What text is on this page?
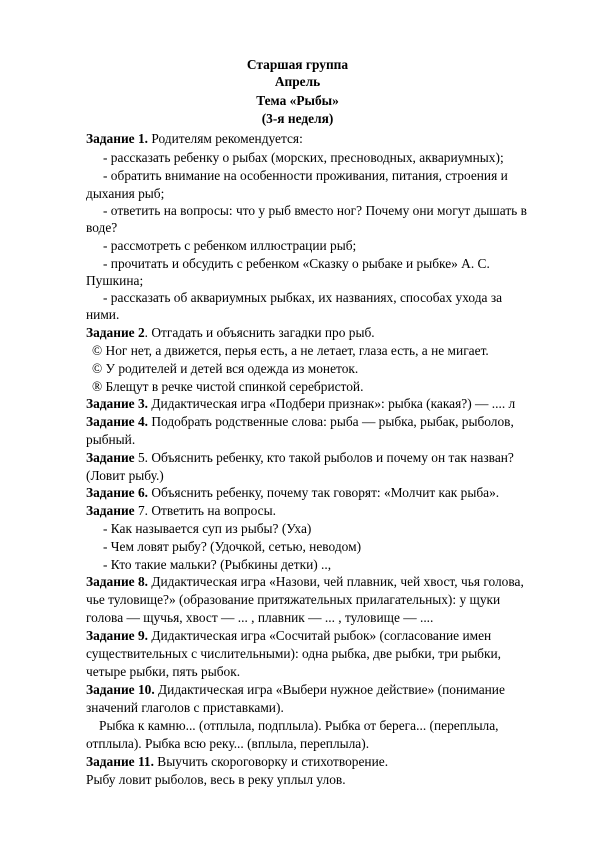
Старшая группа
Апрель
Тема «Рыбы»
(3-я неделя)
Задание 1. Родителям рекомендуется:
- рассказать ребенку о рыбах (морских, пресноводных, аквариумных);
- обратить внимание на особенности проживания, питания, строения и
дыхания рыб;
- ответить на вопросы: что у рыб вместо ног? Почему они могут дышать в
воде?
- рассмотреть с ребенком иллюстрации рыб;
- прочитать и обсудить с ребенком «Сказку о рыбаке и рыбке» А. С.
Пушкина;
- рассказать об аквариумных рыбках, их названиях, способах ухода за
ними.
Задание 2. Отгадать и объяснить загадки про рыб.
© Ног нет, а движется, перья есть, а не летает, глаза есть, а не мигает.
© У родителей и детей вся одежда из монеток.
® Блещут в речке чистой спинкой серебристой.
Задание 3. Дидактическая игра «Подбери признак»: рыбка (какая?) — .... л
Задание 4. Подобрать родственные слова: рыба — рыбка, рыбак, рыболов,
рыбный.
Задание 5. Объяснить ребенку, кто такой рыболов и почему он так назван?
(Ловит рыбу.)
Задание 6. Объяснить ребенку, почему так говорят: «Молчит как рыба».
Задание 7. Ответить на вопросы.
- Как называется суп из рыбы? (Уха)
- Чем ловят рыбу? (Удочкой, сетью, неводом)
- Кто такие мальки? (Рыбкины детки) ..,
Задание 8. Дидактическая игра «Назови, чей плавник, чей хвост, чья голова,
чье туловище?» (образование притяжательных прилагательных): у щуки
голова — щучья, хвост — ... , плавник — ... , туловище — ....
Задание 9. Дидактическая игра «Сосчитай рыбок» (согласование имен
существительных с числительными): одна рыбка, две рыбки, три рыбки,
четыре рыбки, пять рыбок.
Задание 10. Дидактическая игра «Выбери нужное действие» (понимание
значений глаголов с приставками).
Рыбка к камню... (отплыла, подплыла). Рыбка от берега... (переплыла,
отплыла). Рыбка всю реку... (вплыла, переплыла).
Задание 11. Выучить скороговорку и стихотворение.
Рыбу ловит рыболов, весь в реку уплыл улов.
